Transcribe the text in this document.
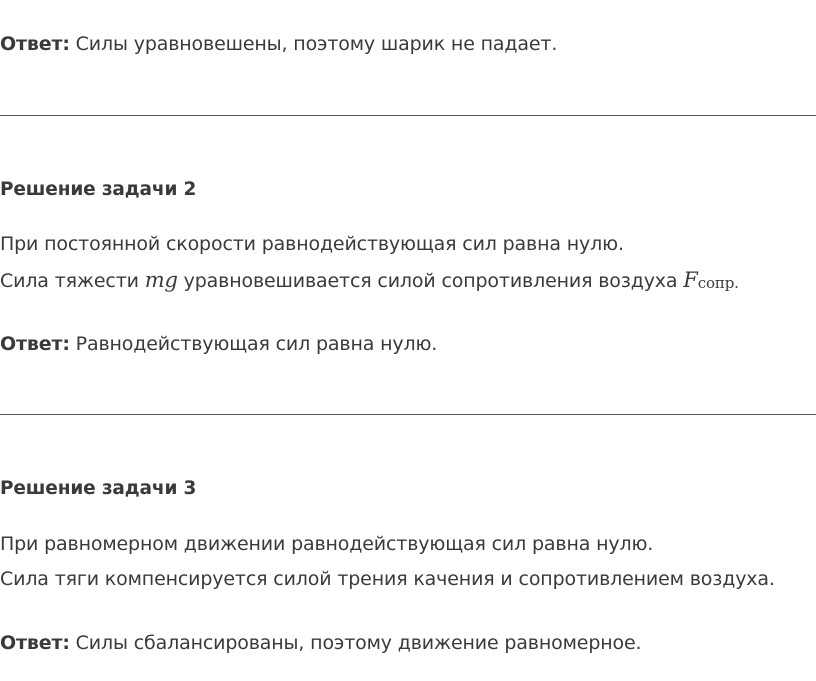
Ответ: Силы уравновешены, поэтому шарик не падает.
Решение задачи 2
При постоянной скорости равнодействующая сил равна нулю.
Сила тяжести mg уравновешивается силой сопротивления воздуха Fсопр.
Ответ: Равнодействующая сил равна нулю.
Решение задачи 3
При равномерном движении равнодействующая сил равна нулю.
Сила тяги компенсируется силой трения качения и сопротивлением воздуха.
Ответ: Силы сбалансированы, поэтому движение равномерное.
